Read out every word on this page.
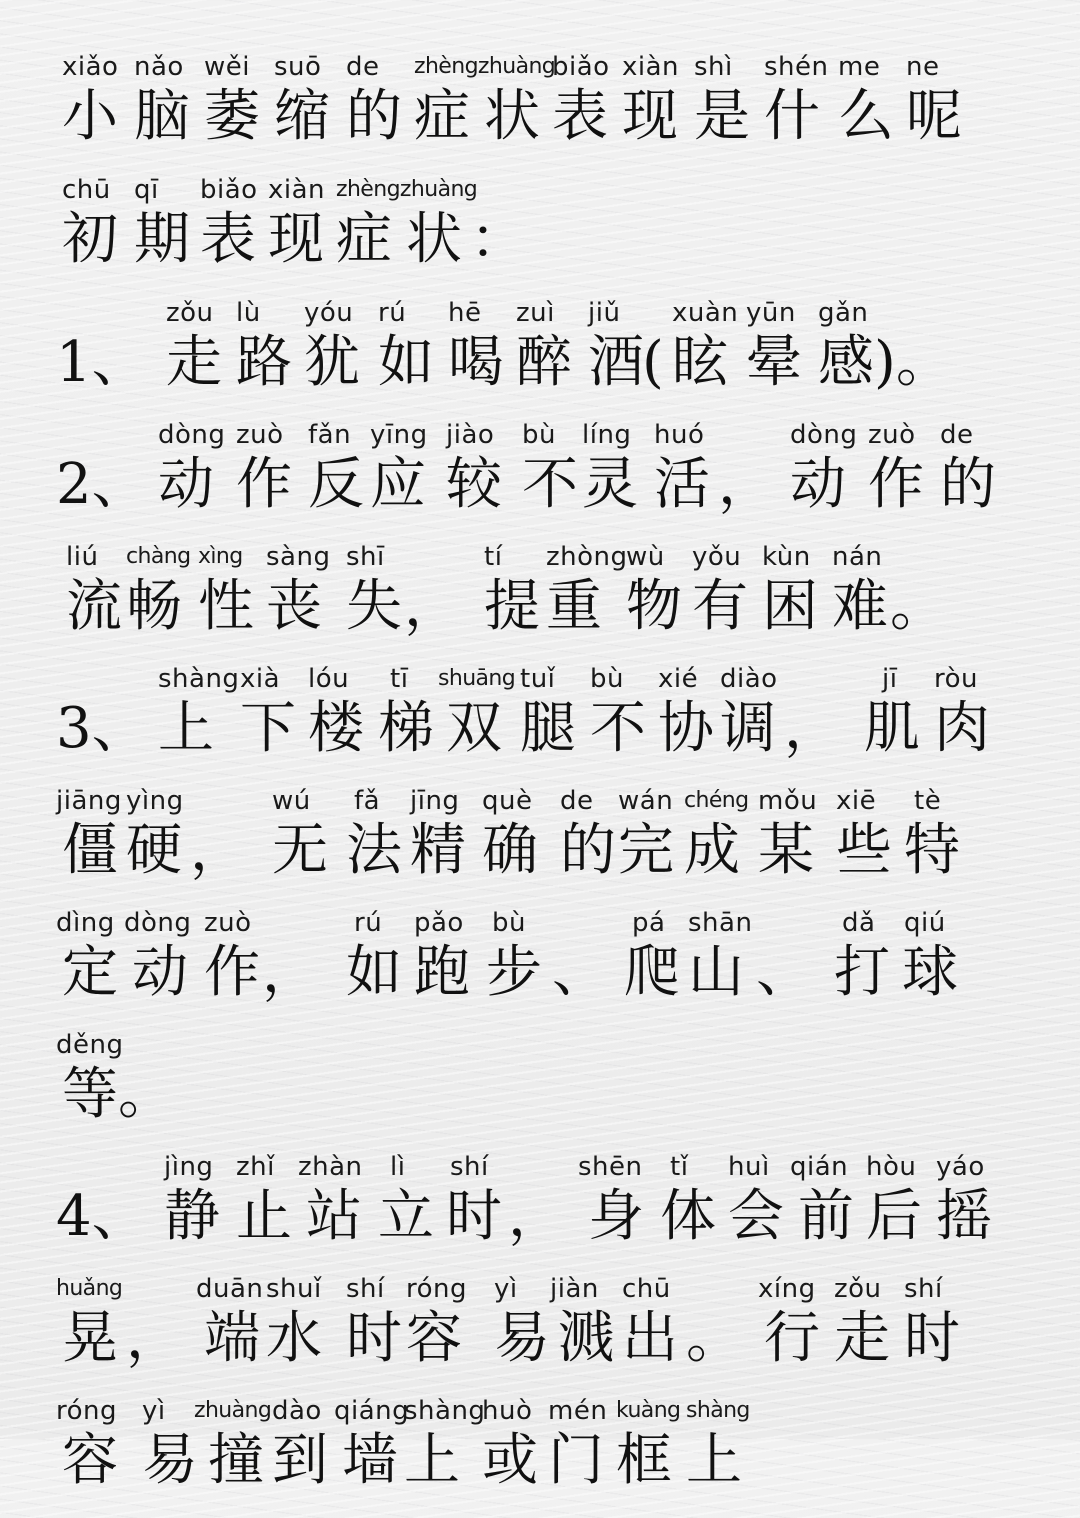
xiǎo
小
nǎo
脑
wěi
萎
suō
缩
de
的
zhèngzhuàng
症状
biǎo
表
xiàn
现
shì
是
shén
什
me
么
ne
呢
chū
初
qī
期
biǎo
表
xiàn
现
zhèngzhuàng
症状
：
1、
zǒu
走
lù
路
yóu
犹
rú
如
hē
喝
zuì
醉
jiǔ
酒
(
xuàn
眩
yūn
晕
gǎn
感 )。
2、
dòng
动
zuò
作
fǎn
反
yīng
应
jiào
较
bù
不
líng
灵
huó
活 ，
dòng
动
zuò
作
de
的
liú
流
chàng
畅
xìng
性
sàng
丧
shī
失 ，
tí
提
zhòng
重
wù
物
yǒu
有
kùn
困
nán
难 。
3、
shàng
上
xià
下
lóu
楼
tī
梯
shuāng
双
tuǐ
腿
bù
不
xié
协
diào
调 ，
jī
肌
ròu
肉
jiāng
僵
yìng
硬 ，
wú
无
fǎ
法
jīng
精
què
确
de
的
wán
完
chéng
成
mǒu
某
xiē
些
tè
特
dìng
定
dòng
动
zuò
作 ，
rú
如
pǎo
跑
bù
步 、
pá
爬
shān
山 、
dǎ
打
qiú
球
děng
等 。
4、
jìng
静
zhǐ
止
zhàn
站
lì
立
shí
时 ，
shēn
身
tǐ
体
huì
会
qián
前
hòu
后
yáo
摇
huǎng
晃 ，
duān
端
shuǐ
水
shí
时
róng
容
yì
易
jiàn
溅
chū
出 。
xíng
行
zǒu
走
shí
时
róng
容
yì
易
zhuàng
撞
dào
到
qiáng
墙
shàng
上
huò
或
mén
门
kuàng
框
shàng
上
